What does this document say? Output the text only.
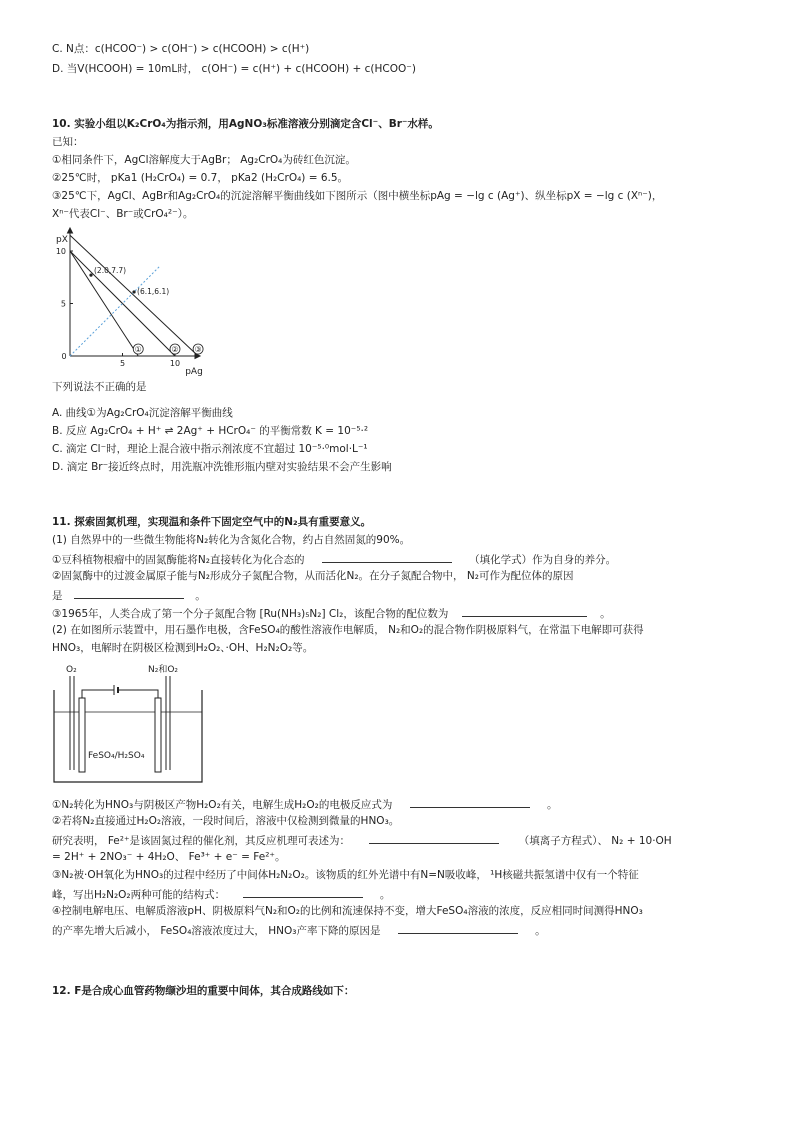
C. N点：c(HCOO⁻) > c(OH⁻) > c(HCOOH) > c(H⁺)
D. 当V(HCOOH) = 10mL时， c(OH⁻) = c(H⁺) + c(HCOOH) + c(HCOO⁻)
10. 实验小组以K₂CrO₄为指示剂，用AgNO₃标准溶液分别滴定含Cl⁻、Br⁻水样。
已知：
①相同条件下，AgCl溶解度大于AgBr； Ag₂CrO₄为砖红色沉淀。
②25℃时， pKa1 (H₂CrO₄) = 0.7， pKa2 (H₂CrO₄) = 6.5。
③25℃下，AgCl、AgBr和Ag₂CrO₄的沉淀溶解平衡曲线如下图所示（图中横坐标pAg = −lg c (Ag⁺)、纵坐标pX = −lg c (Xⁿ⁻)，
Xⁿ⁻代表Cl⁻、Br⁻或CrO₄²⁻）。
pX
pAg
0
5	10
5
10
①	② ③
(2.0,7.7)
(6.1,6.1)
下列说法不正确的是
A. 曲线①为Ag₂CrO₄沉淀溶解平衡曲线
B. 反应 Ag₂CrO₄ + H⁺ ⇌ 2Ag⁺ + HCrO₄⁻ 的平衡常数 K = 10⁻⁵·²
C. 滴定 Cl⁻时，理论上混合液中指示剂浓度不宜超过 10⁻⁵·⁰mol·L⁻¹
D. 滴定 Br⁻接近终点时，用洗瓶冲洗锥形瓶内壁对实验结果不会产生影响
11. 探索固氮机理，实现温和条件下固定空气中的N₂具有重要意义。
(1) 自然界中的一些微生物能将N₂转化为含氮化合物，约占自然固氮的90%。
①豆科植物根瘤中的固氮酶能将N₂直接转化为化合态的	（填化学式）作为自身的养分。
②固氮酶中的过渡金属原子能与N₂形成分子氮配合物，从而活化N₂。在分子氮配合物中， N₂可作为配位体的原因
是	。
③1965年，人类合成了第一个分子氮配合物 [Ru(NH₃)₅N₂] Cl₂，该配合物的配位数为	。
(2) 在如图所示装置中，用石墨作电极，含FeSO₄的酸性溶液作电解质， N₂和O₂的混合物作阴极原料气，在常温下电解即可获得
HNO₃，电解时在阴极区检测到H₂O₂、·OH、H₂N₂O₂等。
O₂	N₂和O₂
FeSO₄/H₂SO₄
①N₂转化为HNO₃与阴极区产物H₂O₂有关，电解生成H₂O₂的电极反应式为	。
②若将N₂直接通过H₂O₂溶液，一段时间后，溶液中仅检测到微量的HNO₃。
研究表明， Fe²⁺是该固氮过程的催化剂，其反应机理可表述为：	（填离子方程式）、 N₂ + 10·OH
= 2H⁺ + 2NO₃⁻ + 4H₂O、 Fe³⁺ + e⁻ = Fe²⁺。
③N₂被·OH氧化为HNO₃的过程中经历了中间体H₂N₂O₂。该物质的红外光谱中有N=N吸收峰， ¹H核磁共振氢谱中仅有一个特征
峰，写出H₂N₂O₂两种可能的结构式：	。
④控制电解电压、电解质溶液pH、阴极原料气N₂和O₂的比例和流速保持不变，增大FeSO₄溶液的浓度，反应相同时间测得HNO₃
的产率先增大后减小， FeSO₄溶液浓度过大， HNO₃产率下降的原因是	。
12. F是合成心血管药物缬沙坦的重要中间体，其合成路线如下：
